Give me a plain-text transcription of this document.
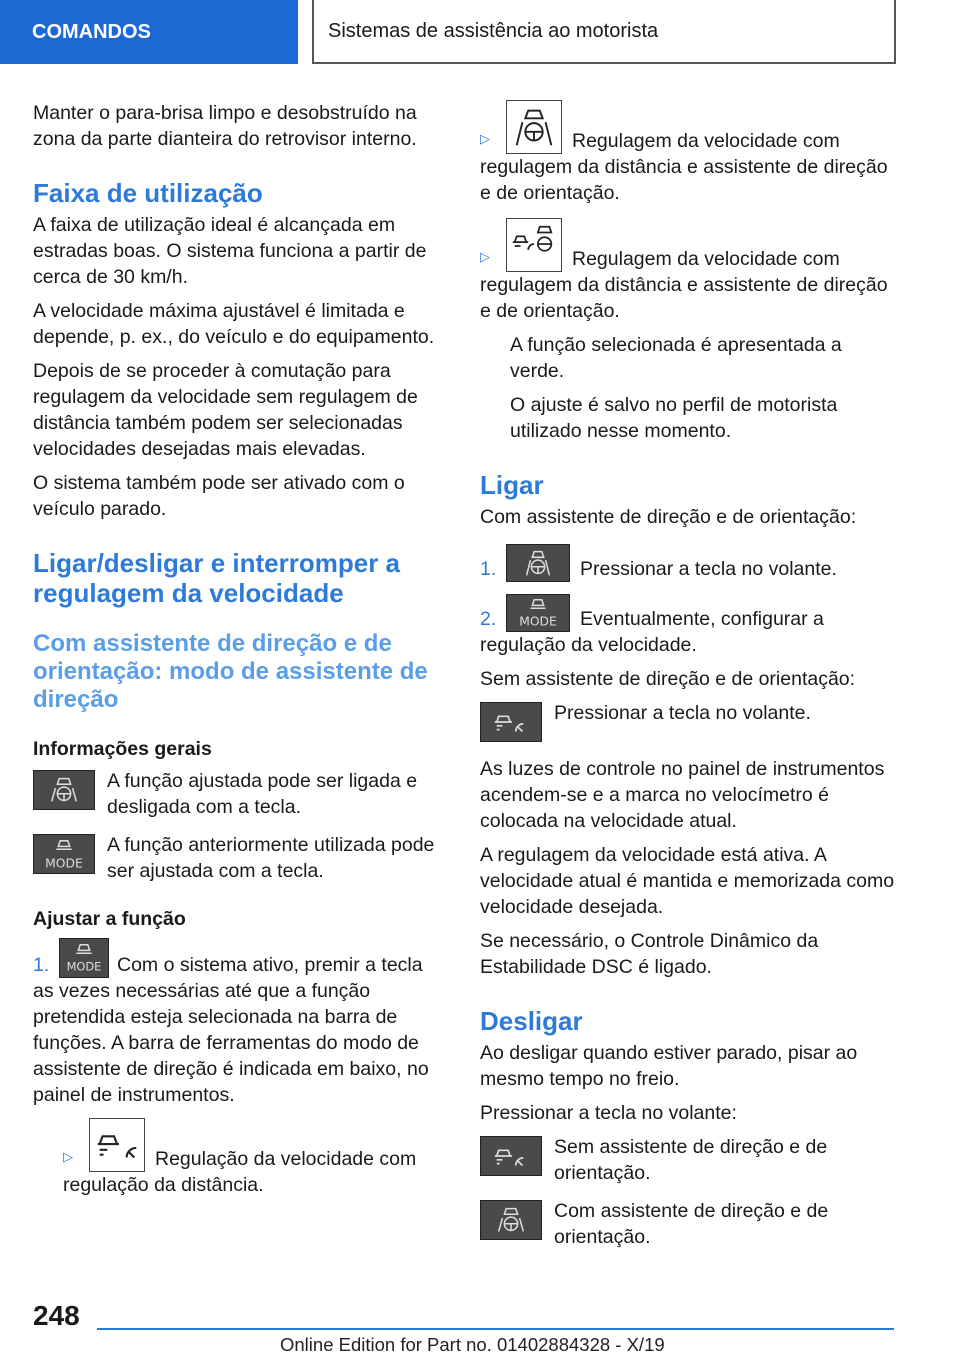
COMANDOS	Sistemas de assistência ao motorista

Manter o para-brisa limpo e desobstruído na zona da parte dianteira do retrovisor interno.

Faixa de utilização

A faixa de utilização ideal é alcançada em estradas boas. O sistema funciona a partir de cerca de 30 km/h.

A velocidade máxima ajustável é limitada e depende, p. ex., do veículo e do equipamento.

Depois de se proceder à comutação para regulagem da velocidade sem regulagem de distância também podem ser selecionadas velocidades desejadas mais elevadas.

O sistema também pode ser ativado com o veículo parado.

Ligar/desligar e interromper a regulagem da velocidade
Com assistente de direção e de orientação: modo de assistente de direção
Informações gerais
A função ajustada pode ser ligada e desligada com a tecla.
MODE
A função anteriormente utilizada pode ser ajustada com a tecla.
Ajustar a função
1. MODE Com o sistema ativo, premir a tecla as vezes necessárias até que a função pretendida esteja selecionada na barra de funções. A barra de ferramentas do modo de assistente de direção é indicada em baixo, no painel de instrumentos.
▷	Regulação da velocidade com regulação da distância.
▷	Regulagem da velocidade com regulagem da distância e assistente de direção e de orientação.
▷	Regulagem da velocidade com regulagem da distância e assistente de direção e de orientação.

A função selecionada é apresentada a verde.

O ajuste é salvo no perfil de motorista utilizado nesse momento.

Ligar

Com assistente de direção e de orientação:

1.	Pressionar a tecla no volante.
2. MODE Eventualmente, configurar a regulação da velocidade.

Sem assistente de direção e de orientação:

Pressionar a tecla no volante.

As luzes de controle no painel de instrumentos acendem-se e a marca no velocímetro é colocada na velocidade atual.

A regulagem da velocidade está ativa. A velocidade atual é mantida e memorizada como velocidade desejada.

Se necessário, o Controle Dinâmico da Estabilidade DSC é ligado.

Desligar

Ao desligar quando estiver parado, pisar ao mesmo tempo no freio.

Pressionar a tecla no volante:

Sem assistente de direção e de orientação.
Com assistente de direção e de orientação.
248
Online Edition for Part no. 01402884328 - X/19
